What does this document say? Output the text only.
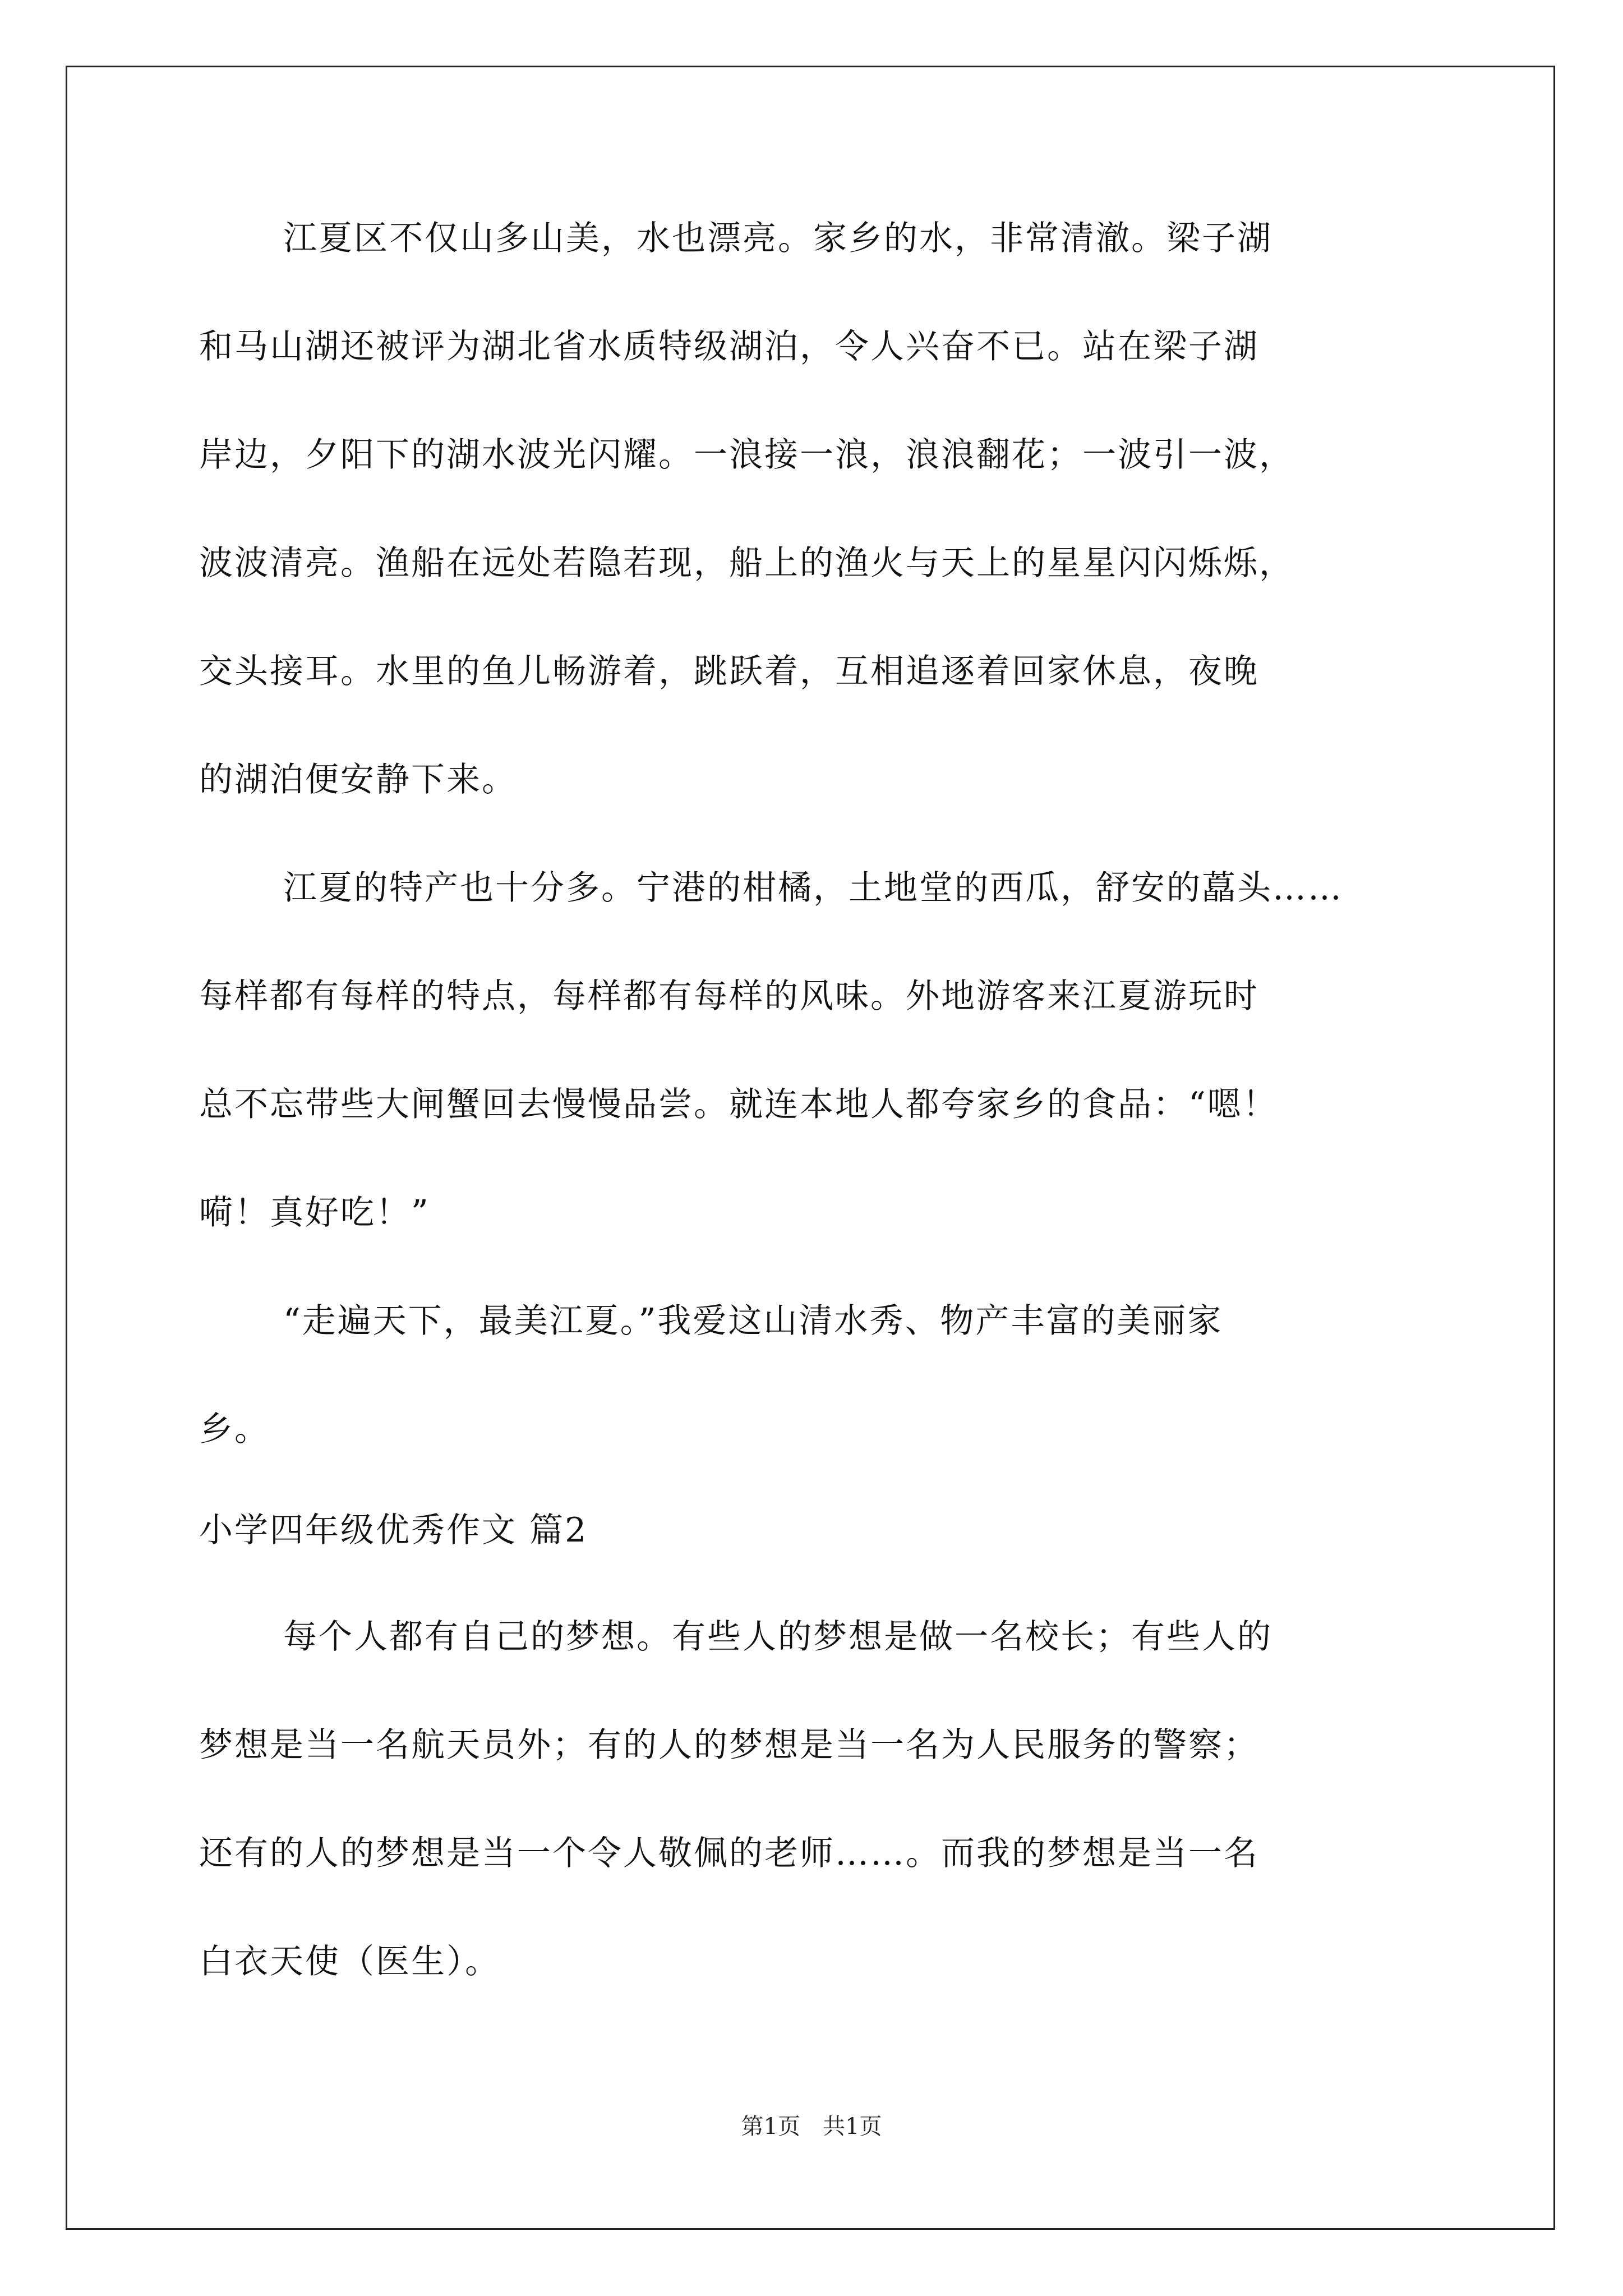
江夏区不仅山多山美，水也漂亮。家乡的水，非常清澈。梁子湖
和马山湖还被评为湖北省水质特级湖泊，令人兴奋不已。站在梁子湖
岸边，夕阳下的湖水波光闪耀。一浪接一浪，浪浪翻花；一波引一波，
波波清亮。渔船在远处若隐若现，船上的渔火与天上的星星闪闪烁烁，
交头接耳。水里的鱼儿畅游着，跳跃着，互相追逐着回家休息，夜晚
的湖泊便安静下来。
江夏的特产也十分多。宁港的柑橘，土地堂的西瓜，舒安的藠头……
每样都有每样的特点，每样都有每样的风味。外地游客来江夏游玩时
总不忘带些大闸蟹回去慢慢品尝。就连本地人都夸家乡的食品：“嗯！
嗬！真好吃！”
“走遍天下，最美江夏。”我爱这山清水秀、物产丰富的美丽家
乡。
小学四年级优秀作文 篇2
每个人都有自己的梦想。有些人的梦想是做一名校长；有些人的
梦想是当一名航天员外；有的人的梦想是当一名为人民服务的警察；
还有的人的梦想是当一个令人敬佩的老师……。而我的梦想是当一名
白衣天使（医生）。
第1页　共1页
